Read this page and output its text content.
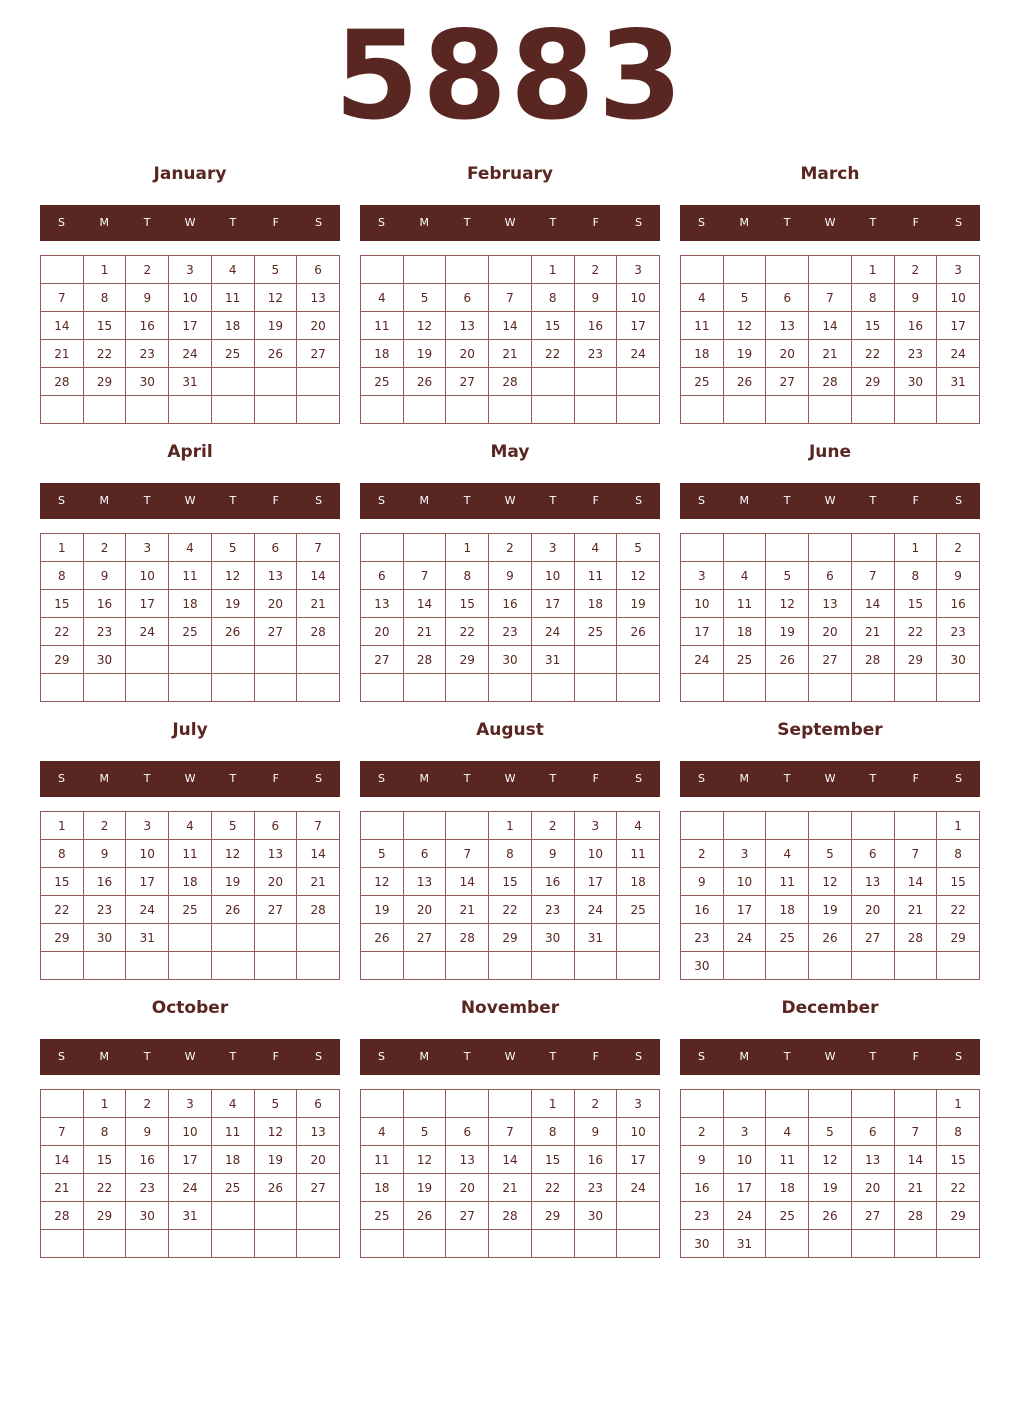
5883
January
S	M	T	W	T	F	S
	1	2	3	4	5	6
7	8	9	10	11	12	13
14	15	16	17	18	19	20
21	22	23	24	25	26	27
28	29	30	31			

February
S	M	T	W	T	F	S
				1	2	3
4	5	6	7	8	9	10
11	12	13	14	15	16	17
18	19	20	21	22	23	24
25	26	27	28			

March
S	M	T	W	T	F	S
				1	2	3
4	5	6	7	8	9	10
11	12	13	14	15	16	17
18	19	20	21	22	23	24
25	26	27	28	29	30	31

April
S	M	T	W	T	F	S
1	2	3	4	5	6	7
8	9	10	11	12	13	14
15	16	17	18	19	20	21
22	23	24	25	26	27	28
29	30					

May
S	M	T	W	T	F	S
		1	2	3	4	5
6	7	8	9	10	11	12
13	14	15	16	17	18	19
20	21	22	23	24	25	26
27	28	29	30	31		

June
S	M	T	W	T	F	S
					1	2
3	4	5	6	7	8	9
10	11	12	13	14	15	16
17	18	19	20	21	22	23
24	25	26	27	28	29	30

July
S	M	T	W	T	F	S
1	2	3	4	5	6	7
8	9	10	11	12	13	14
15	16	17	18	19	20	21
22	23	24	25	26	27	28
29	30	31				

August
S	M	T	W	T	F	S
			1	2	3	4
5	6	7	8	9	10	11
12	13	14	15	16	17	18
19	20	21	22	23	24	25
26	27	28	29	30	31	

September
S	M	T	W	T	F	S
						1
2	3	4	5	6	7	8
9	10	11	12	13	14	15
16	17	18	19	20	21	22
23	24	25	26	27	28	29
30						
October
S	M	T	W	T	F	S
	1	2	3	4	5	6
7	8	9	10	11	12	13
14	15	16	17	18	19	20
21	22	23	24	25	26	27
28	29	30	31			

November
S	M	T	W	T	F	S
				1	2	3
4	5	6	7	8	9	10
11	12	13	14	15	16	17
18	19	20	21	22	23	24
25	26	27	28	29	30	

December
S	M	T	W	T	F	S
						1
2	3	4	5	6	7	8
9	10	11	12	13	14	15
16	17	18	19	20	21	22
23	24	25	26	27	28	29
30	31					
